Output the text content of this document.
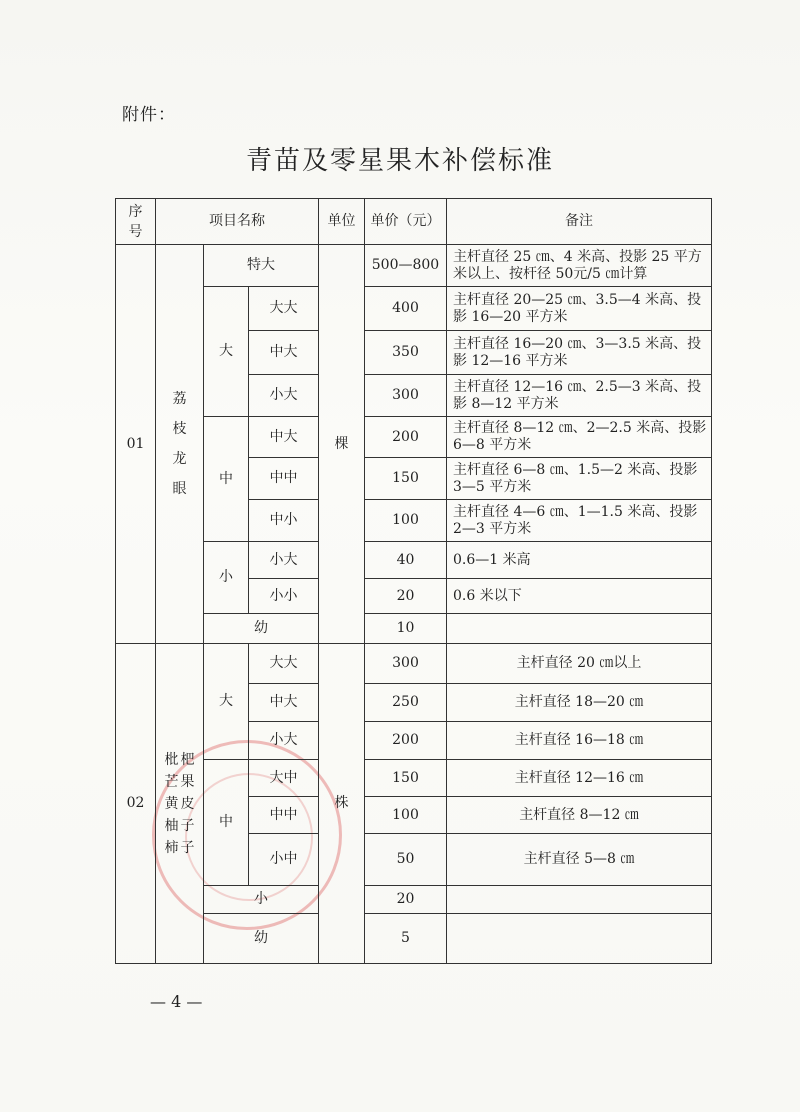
附件：
青苗及零星果木补偿标准
序号	项目名称			单位	单价（元）	备注
01	荔枝 龙眼	特大		棵	500—800	主杆直径 25 ㎝、4 米高、投影 25 平方米以上、按杆径 50元/5 ㎝计算
		大	大大		400	主杆直径 20—25 ㎝、3.5—4 米高、投影 16—20 平方米
			中大		350	主杆直径 16—20 ㎝、3—3.5 米高、投影 12—16 平方米
			小大		300	主杆直径 12—16 ㎝、2.5—3 米高、投影 8—12 平方米
		中	中大		200	主杆直径 8—12 ㎝、2—2.5 米高、投影 6—8 平方米
			中中		150	主杆直径 6—8 ㎝、1.5—2 米高、投影 3—5 平方米
			中小		100	主杆直径 4—6 ㎝、1—1.5 米高、投影 2—3 平方米
		小	小大		40	0.6—1 米高
			小小		20	0.6 米以下
		幼			10	
02	枇芒黄柚柿杷果皮子子	大	大大	株	300	主杆直径 20 ㎝以上
			中大		250	主杆直径 18—20 ㎝
			小大		200	主杆直径 16—18 ㎝
		中	大中		150	主杆直径 12—16 ㎝
			中中		100	主杆直径 8—12 ㎝
			小中		50	主杆直径 5—8 ㎝
		小			20	
		幼			5	
— 4 —
